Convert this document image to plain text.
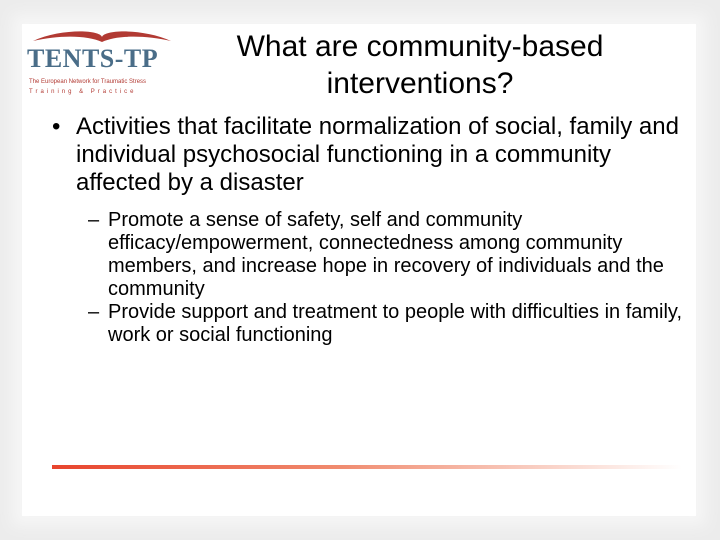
TENTS-TP
The European Network for Traumatic Stress
Training & Practice
What are community-based interventions?
• Activities that facilitate normalization of social, family and individual psychosocial functioning in a community affected by a disaster
– Promote a sense of safety, self and community efficacy/empowerment, connectedness among community members, and increase hope in recovery of individuals and the community
– Provide support and treatment to people with difficulties in family, work or social functioning
